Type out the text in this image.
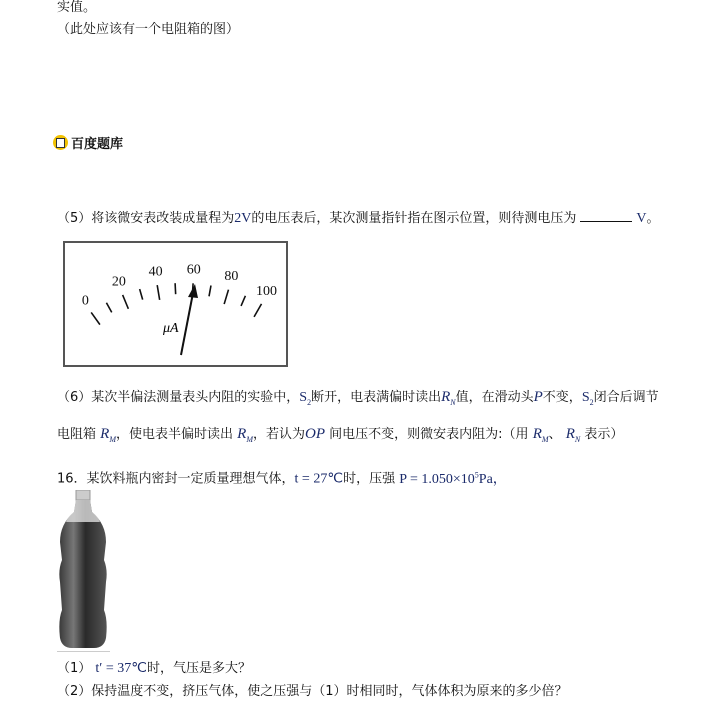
实值。
（此处应该有一个电阻箱的图）
百度题库
（5）将该微安表改装成量程为2V的电压表后，某次测量指针指在图示位置，则待测电压为	V。
0
20
40 60 80
100
μA
（6）某次半偏法测量表头内阻的实验中，$S_2$断开，电表满偏时读出$R_N$值，在滑动头P不变，$S_2$闭合后调节
电阻箱 $R_M$，使电表半偏时读出 $R_M$，若认为OP 间电压不变，则微安表内阻为:（用 $R_M$、 $R_N$ 表示）
16．某饮料瓶内密封一定质量理想气体，t = 27℃时，压强 $P = 1.050\times 10^5Pa$，
（1） t′ = 37℃时，气压是多大？
（2）保持温度不变，挤压气体，使之压强与（1）时相同时，气体体积为原来的多少倍？
